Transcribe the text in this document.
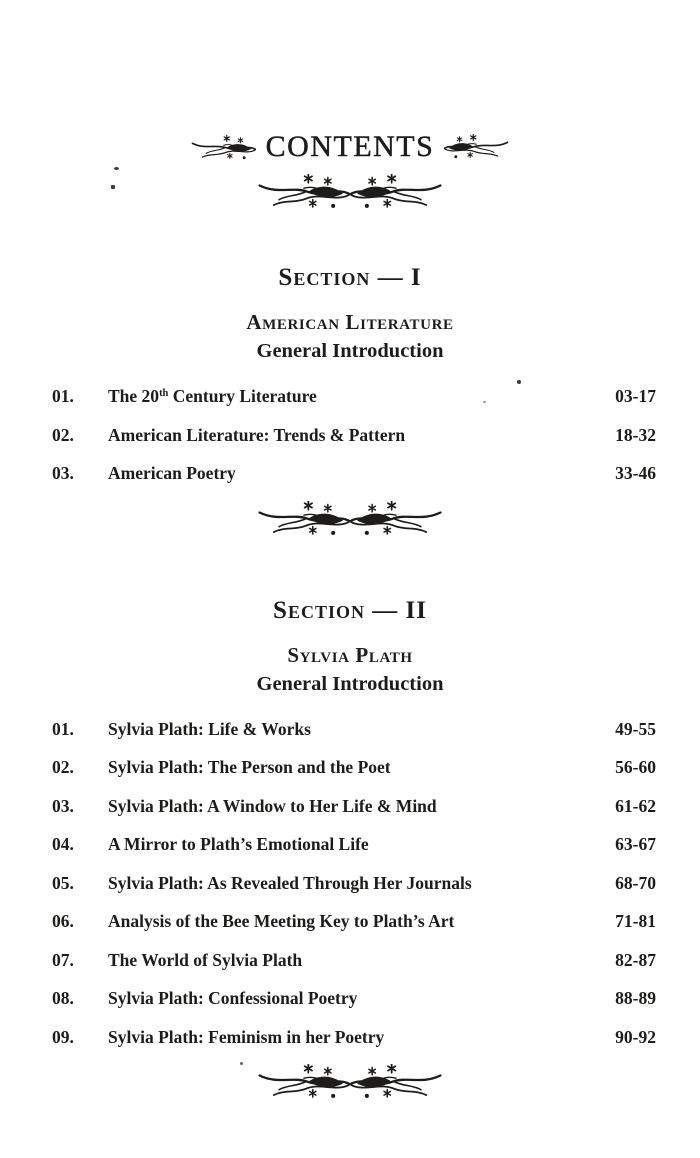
CONTENTS
Section — I
American Literature
General Introduction
01.	The 20th Century Literature	03-17
02.	American Literature: Trends & Pattern	18-32
03.	American Poetry	33-46
Section — II
Sylvia Plath
General Introduction
01.	Sylvia Plath: Life & Works	49-55
02.	Sylvia Plath: The Person and the Poet	56-60
03.	Sylvia Plath: A Window to Her Life & Mind	61-62
04.	A Mirror to Plath’s Emotional Life	63-67
05.	Sylvia Plath: As Revealed Through Her Journals	68-70
06.	Analysis of the Bee Meeting Key to Plath’s Art	71-81
07.	The World of Sylvia Plath	82-87
08.	Sylvia Plath: Confessional Poetry	88-89
09.	Sylvia Plath: Feminism in her Poetry	90-92
